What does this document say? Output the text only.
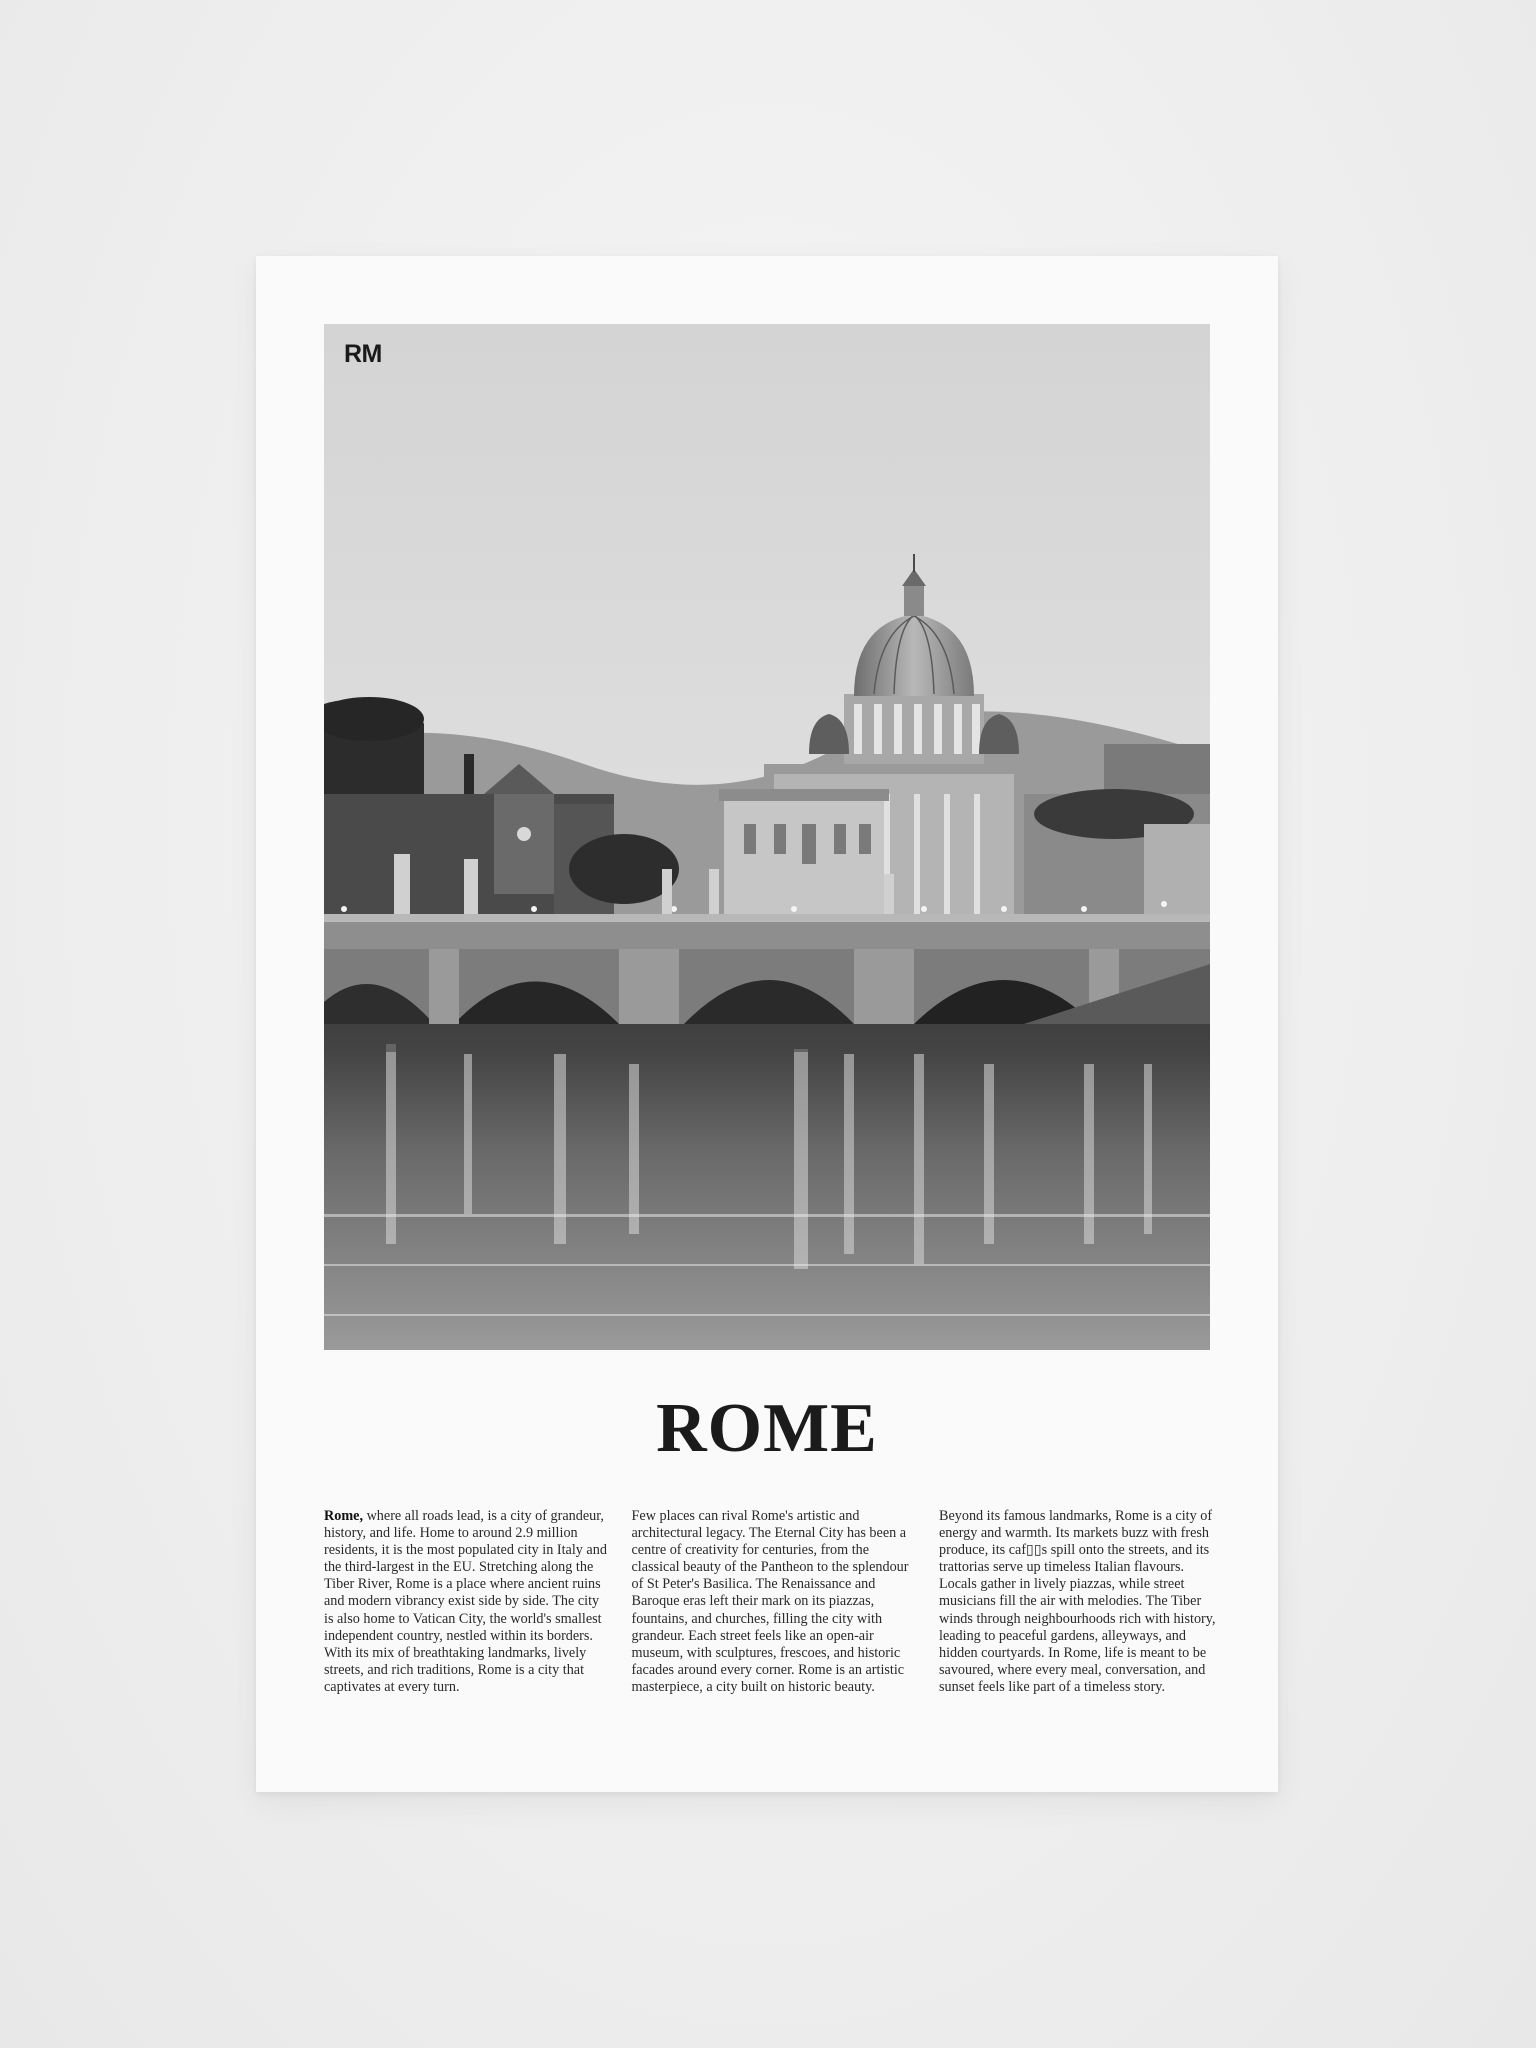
RM
ROME
Rome, where all roads lead, is a city of grandeur, history, and life. Home to around 2.9 million residents, it is the most populated city in Italy and the third-largest in the EU. Stretching along the Tiber River, Rome is a place where ancient ruins and modern vibrancy exist side by side. The city is also home to Vatican City, the world's smallest independent country, nestled within its borders. With its mix of breathtaking landmarks, lively streets, and rich traditions, Rome is a city that captivates at every turn.
Few places can rival Rome's artistic and architectural legacy. The Eternal City has been a centre of creativity for centuries, from the classical beauty of the Pantheon to the splendour of St Peter's Basilica. The Renaissance and Baroque eras left their mark on its piazzas, fountains, and churches, filling the city with grandeur. Each street feels like an open-air museum, with sculptures, frescoes, and historic facades around every corner. Rome is an artistic masterpiece, a city built on historic beauty.
Beyond its famous landmarks, Rome is a city of energy and warmth. Its markets buzz with fresh produce, its caf▯▯s spill onto the streets, and its trattorias serve up timeless Italian flavours. Locals gather in lively piazzas, while street musicians fill the air with melodies. The Tiber winds through neighbourhoods rich with history, leading to peaceful gardens, alleyways, and hidden courtyards. In Rome, life is meant to be savoured, where every meal, conversation, and sunset feels like part of a timeless story.
